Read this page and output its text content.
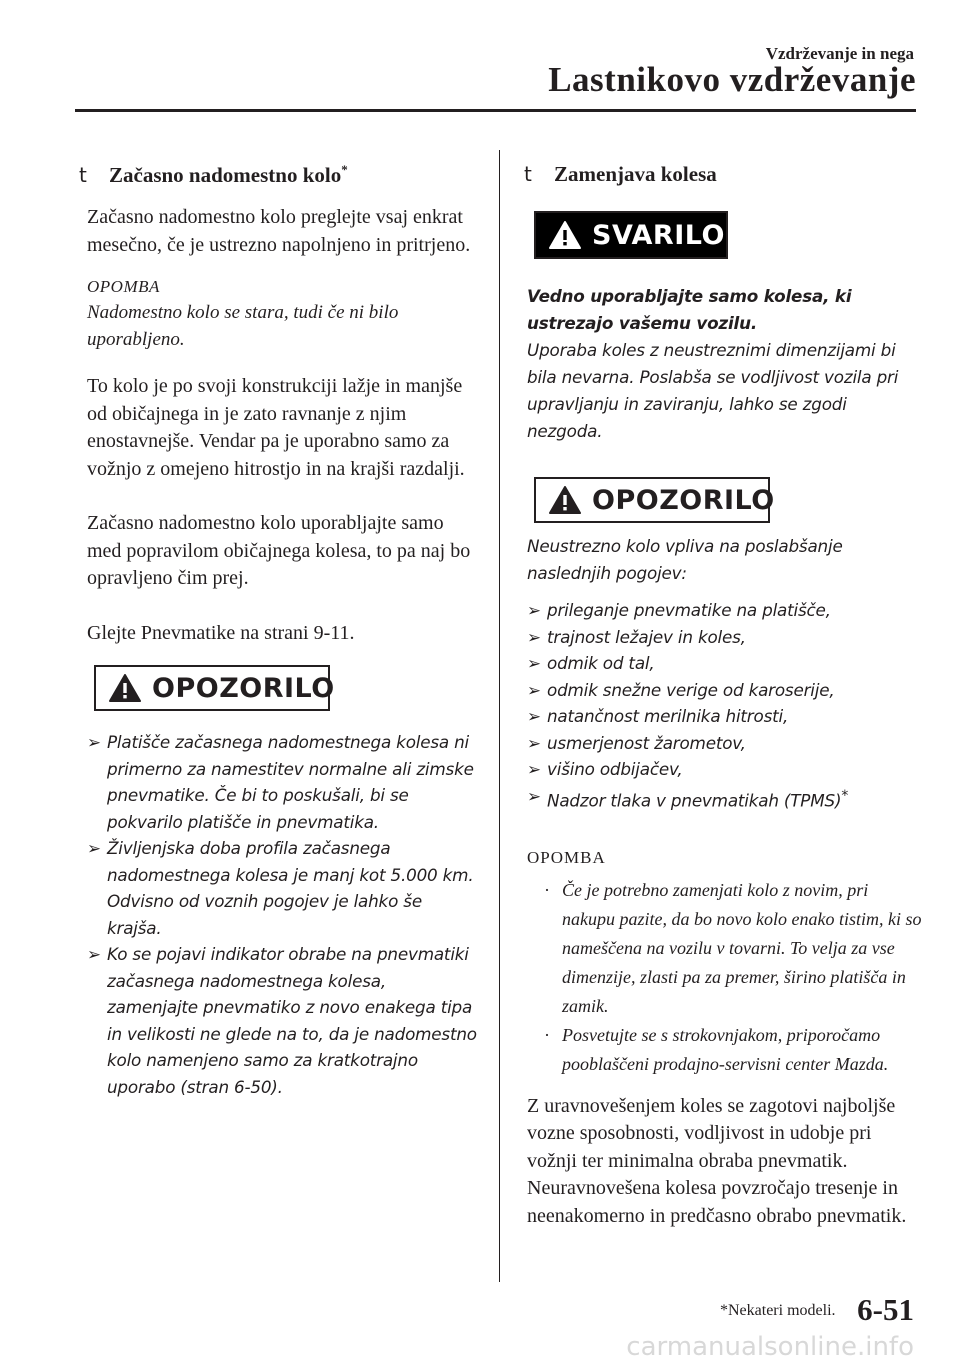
Vzdrževanje in nega
Lastnikovo vzdrževanje
t	Začasno nadomestno kolo*

Začasno nadomestno kolo preglejte vsaj enkrat mesečno, če je ustrezno napolnjeno in pritrjeno.

OPOMBA
Nadomestno kolo se stara, tudi če ni bilo uporabljeno.

To kolo je po svoji konstrukciji lažje in manjše od običajnega in je zato ravnanje z njim enostavnejše. Vendar pa je uporabno samo za vožnjo z omejeno hitrostjo in na krajši razdalji.

Začasno nadomestno kolo uporabljajte samo med popravilom običajnega kolesa, to pa naj bo opravljeno čim prej.

Glejte Pnevmatike na strani 9-11.

OPOZORILO
➢ Platišče začasnega nadomestnega kolesa ni primerno za namestitev normalne ali zimske pnevmatike. Če bi to poskušali, bi se pokvarilo platišče in pnevmatika.
➢ Življenjska doba profila začasnega nadomestnega kolesa je manj kot 5.000 km. Odvisno od voznih pogojev je lahko še krajša.
➢ Ko se pojavi indikator obrabe na pnevmatiki začasnega nadomestnega kolesa, zamenjajte pnevmatiko z novo enakega tipa in velikosti ne glede na to, da je nadomestno kolo namenjeno samo za kratkotrajno uporabo (stran 6-50).
t	Zamenjava kolesa
SVARILO
Vedno uporabljajte samo kolesa, ki ustrezajo vašemu vozilu.
Uporaba koles z neustreznimi dimenzijami bi bila nevarna. Poslabša se vodljivost vozila pri upravljanju in zaviranju, lahko se zgodi nezgoda.
OPOZORILO
Neustrezno kolo vpliva na poslabšanje naslednjih pogojev:
➢ prileganje pnevmatike na platišče,
➢ trajnost ležajev in koles,
➢ odmik od tal,
➢ odmik snežne verige od karoserije,
➢ natančnost merilnika hitrosti,
➢ usmerjenost žarometov,
➢ višino odbijačev,
➢ Nadzor tlaka v pnevmatikah (TPMS)*
OPOMBA
· Če je potrebno zamenjati kolo z novim, pri nakupu pazite, da bo novo kolo enako tistim, ki so nameščena na vozilu v tovarni. To velja za vse dimenzije, zlasti pa za premer, širino platišča in zamik.
· Posvetujte se s strokovnjakom, priporočamo pooblaščeni prodajno-servisni center Mazda.

Z uravnovešenjem koles se zagotovi najboljše vozne sposobnosti, vodljivost in udobje pri vožnji ter minimalna obraba pnevmatik. Neuravnovešena kolesa povzročajo tresenje in neenakomerno in predčasno obrabo pnevmatik.

*Nekateri modeli. 6-51
carmanualsonline.info
